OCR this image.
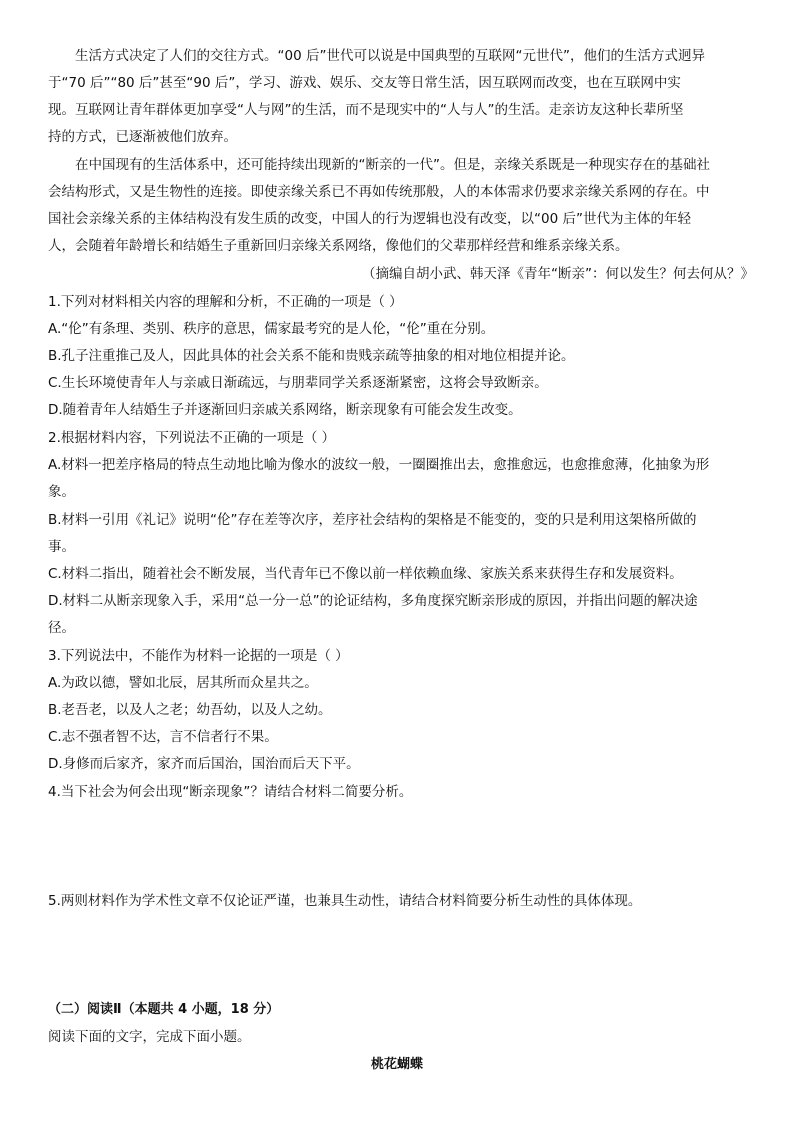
生活方式决定了人们的交往方式。“00 后”世代可以说是中国典型的互联网“元世代”，他们的生活方式迥异
于“70 后”“80 后”甚至“90 后”，学习、游戏、娱乐、交友等日常生活，因互联网而改变，也在互联网中实
现。互联网让青年群体更加享受“人与网”的生活，而不是现实中的“人与人”的生活。走亲访友这种长辈所坚
持的方式，已逐渐被他们放弃。
在中国现有的生活体系中，还可能持续出现新的“断亲的一代”。但是，亲缘关系既是一种现实存在的基础社
会结构形式，又是生物性的连接。即使亲缘关系已不再如传统那般，人的本体需求仍要求亲缘关系网的存在。中
国社会亲缘关系的主体结构没有发生质的改变，中国人的行为逻辑也没有改变，以“00 后”世代为主体的年轻
人，会随着年龄增长和结婚生子重新回归亲缘关系网络，像他们的父辈那样经营和维系亲缘关系。
（摘编自胡小武、韩天泽《青年“断亲”：何以发生？何去何从？》
1.下列对材料相关内容的理解和分析，不正确的一项是（ ）
A.“伦”有条理、类别、秩序的意思，儒家最考究的是人伦，“伦”重在分别。
B.孔子注重推己及人，因此具体的社会关系不能和贵贱亲疏等抽象的相对地位相提并论。
C.生长环境使青年人与亲戚日渐疏远，与朋辈同学关系逐渐紧密，这将会导致断亲。
D.随着青年人结婚生子并逐渐回归亲戚关系网络，断亲现象有可能会发生改变。
2.根据材料内容，下列说法不正确的一项是（ ）
A.材料一把差序格局的特点生动地比喻为像水的波纹一般，一圈圈推出去，愈推愈远，也愈推愈薄，化抽象为形
象。
B.材料一引用《礼记》说明“伦”存在差等次序，差序社会结构的架格是不能变的，变的只是利用这架格所做的
事。
C.材料二指出，随着社会不断发展，当代青年已不像以前一样依赖血缘、家族关系来获得生存和发展资料。
D.材料二从断亲现象入手，采用“总一分一总”的论证结构，多角度探究断亲形成的原因，并指出问题的解决途
径。
3.下列说法中，不能作为材料一论据的一项是（ ）
A.为政以德，譬如北辰，居其所而众星共之。
B.老吾老，以及人之老；幼吾幼，以及人之幼。
C.志不强者智不达，言不信者行不果。
D.身修而后家齐，家齐而后国治，国治而后天下平。
4.当下社会为何会出现“断亲现象”？请结合材料二简要分析。
5.两则材料作为学术性文章不仅论证严谨，也兼具生动性，请结合材料简要分析生动性的具体体现。
（二）阅读Ⅱ（本题共 4 小题，18 分）
阅读下面的文字，完成下面小题。
桃花蝴蝶
